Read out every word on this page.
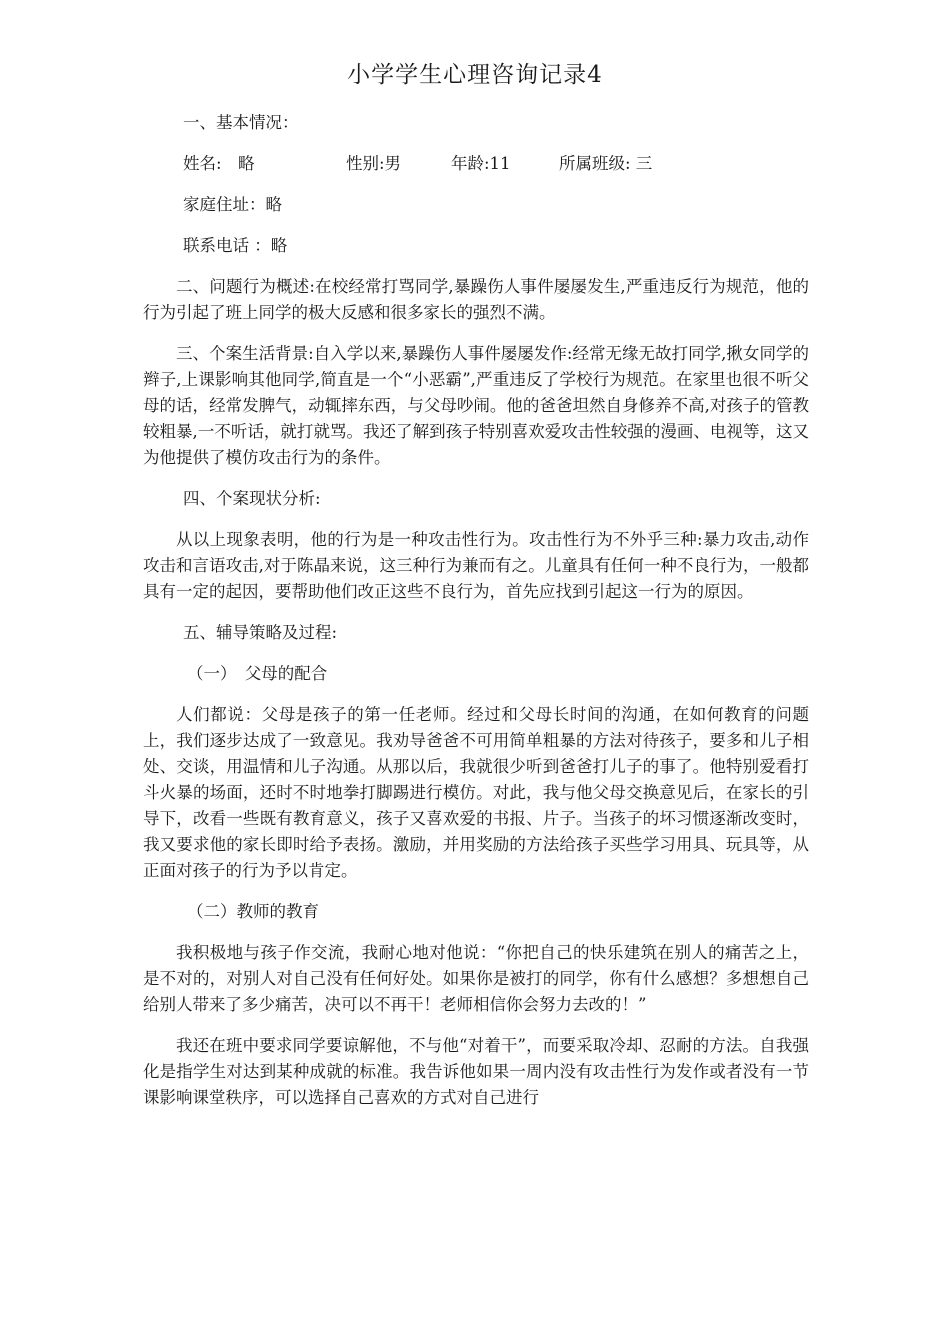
小学学生心理咨询记录4
一、基本情况：
姓名:　略	性别:男	年龄:11	所属班级: 三
家庭住址：略
联系电话 ：略

二、问题行为概述:在校经常打骂同学,暴躁伤人事件屡屡发生,严重违反行为规范，他的行为引起了班上同学的极大反感和很多家长的强烈不满。

三、个案生活背景:自入学以来,暴躁伤人事件屡屡发作:经常无缘无故打同学,揪女同学的辫子,上课影响其他同学,简直是一个“小恶霸”,严重违反了学校行为规范。在家里也很不听父母的话，经常发脾气，动辄摔东西，与父母吵闹。他的爸爸坦然自身修养不高,对孩子的管教较粗暴,一不听话，就打就骂。我还了解到孩子特别喜欢爱攻击性较强的漫画、电视等，这又为他提供了模仿攻击行为的条件。

四、个案现状分析:

从以上现象表明，他的行为是一种攻击性行为。攻击性行为不外乎三种:暴力攻击,动作攻击和言语攻击,对于陈晶来说，这三种行为兼而有之。儿童具有任何一种不良行为，一般都具有一定的起因，要帮助他们改正这些不良行为，首先应找到引起这一行为的原因。

五、辅导策略及过程:
（一）　父母的配合

人们都说：父母是孩子的第一任老师。经过和父母长时间的沟通，在如何教育的问题上，我们逐步达成了一致意见。我劝导爸爸不可用简单粗暴的方法对待孩子，要多和儿子相处、交谈，用温情和儿子沟通。从那以后，我就很少听到爸爸打儿子的事了。他特别爱看打斗火暴的场面，还时不时地拳打脚踢进行模仿。对此，我与他父母交换意见后，在家长的引导下，改看一些既有教育意义，孩子又喜欢爱的书报、片子。当孩子的坏习惯逐渐改变时，我又要求他的家长即时给予表扬。激励，并用奖励的方法给孩子买些学习用具、玩具等，从正面对孩子的行为予以肯定。

（二）教师的教育

我积极地与孩子作交流，我耐心地对他说：“你把自己的快乐建筑在别人的痛苦之上，是不对的，对别人对自己没有任何好处。如果你是被打的同学，你有什么感想？多想想自己给别人带来了多少痛苦，决可以不再干！老师相信你会努力去改的！”

我还在班中要求同学要谅解他，不与他“对着干”，而要采取冷却、忍耐的方法。自我强化是指学生对达到某种成就的标准。我告诉他如果一周内没有攻击性行为发作或者没有一节课影响课堂秩序，可以选择自己喜欢的方式对自己进行
